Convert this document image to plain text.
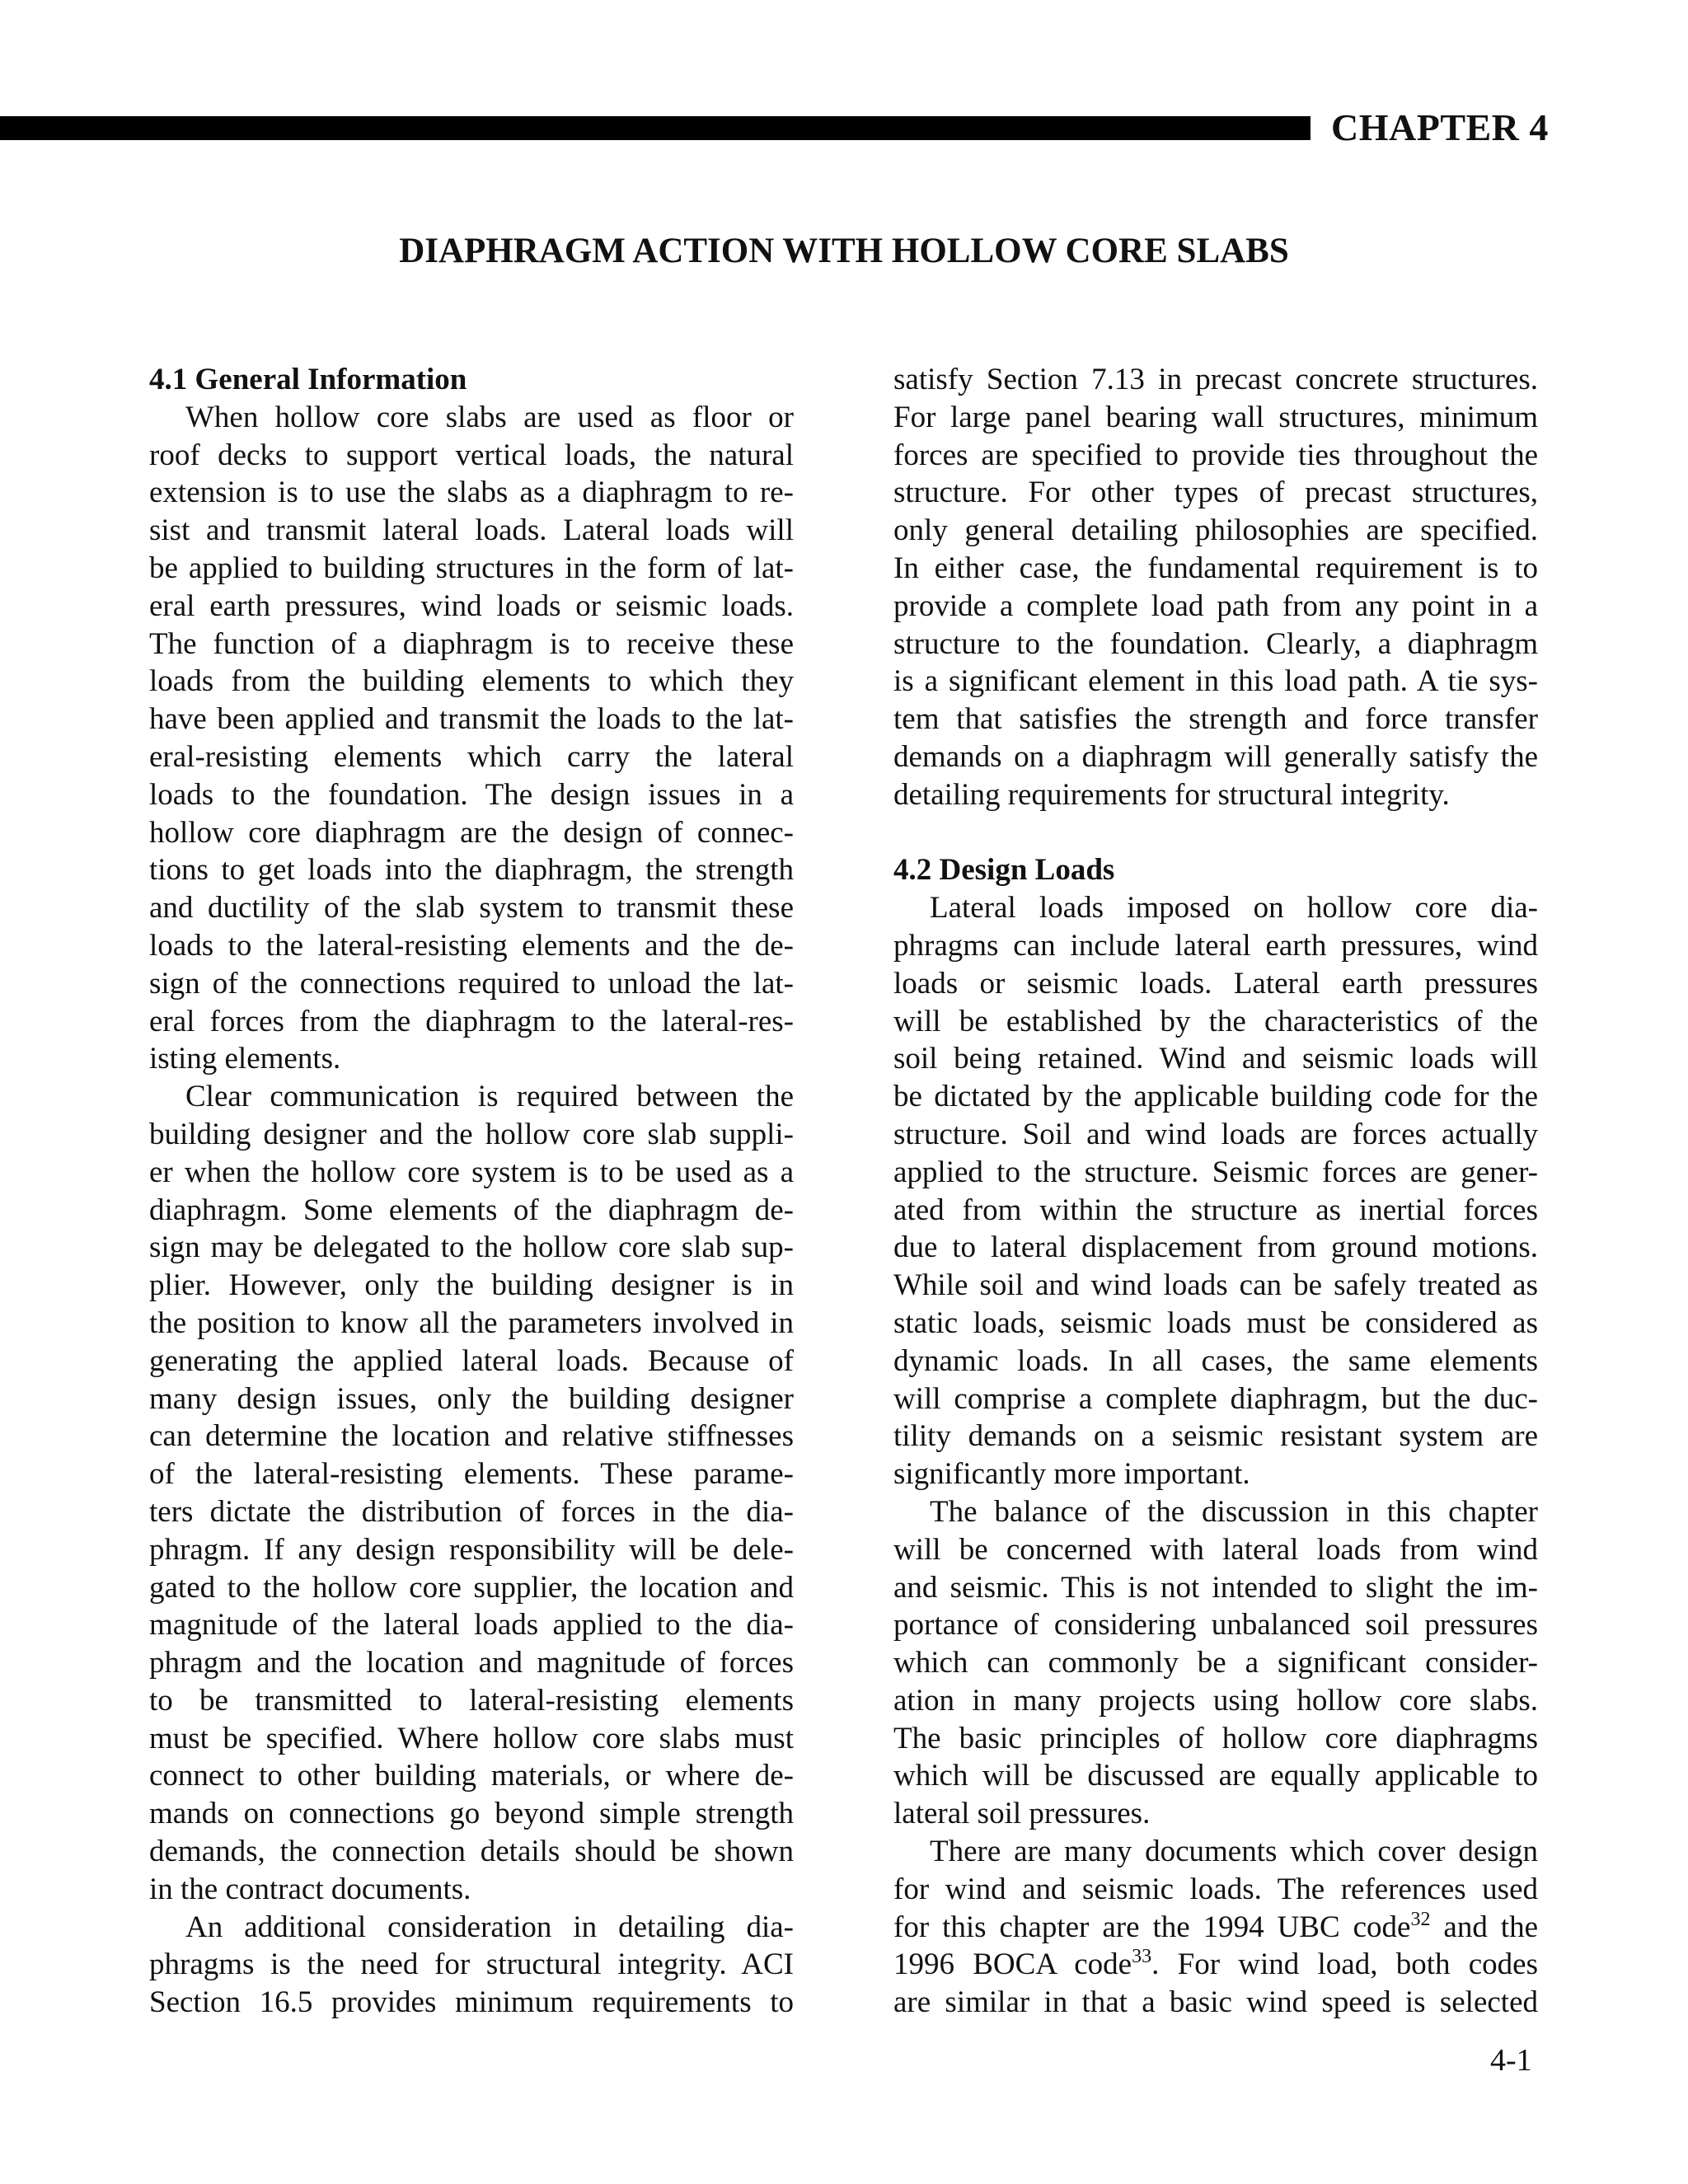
CHAPTER 4
DIAPHRAGM ACTION WITH HOLLOW CORE SLABS
4.1 General Information
When hollow core slabs are used as floor or
roof decks to support vertical loads, the natural
extension is to use the slabs as a diaphragm to re-
sist and transmit lateral loads. Lateral loads will
be applied to building structures in the form of lat-
eral earth pressures, wind loads or seismic loads.
The function of a diaphragm is to receive these
loads from the building elements to which they
have been applied and transmit the loads to the lat-
eral-resisting elements which carry the lateral
loads to the foundation. The design issues in a
hollow core diaphragm are the design of connec-
tions to get loads into the diaphragm, the strength
and ductility of the slab system to transmit these
loads to the lateral-resisting elements and the de-
sign of the connections required to unload the lat-
eral forces from the diaphragm to the lateral-res-
isting elements.
Clear communication is required between the
building designer and the hollow core slab suppli-
er when the hollow core system is to be used as a
diaphragm. Some elements of the diaphragm de-
sign may be delegated to the hollow core slab sup-
plier. However, only the building designer is in
the position to know all the parameters involved in
generating the applied lateral loads. Because of
many design issues, only the building designer
can determine the location and relative stiffnesses
of the lateral-resisting elements. These parame-
ters dictate the distribution of forces in the dia-
phragm. If any design responsibility will be dele-
gated to the hollow core supplier, the location and
magnitude of the lateral loads applied to the dia-
phragm and the location and magnitude of forces
to be transmitted to lateral-resisting elements
must be specified. Where hollow core slabs must
connect to other building materials, or where de-
mands on connections go beyond simple strength
demands, the connection details should be shown
in the contract documents.
An additional consideration in detailing dia-
phragms is the need for structural integrity. ACI
Section 16.5 provides minimum requirements to
satisfy Section 7.13 in precast concrete structures.
For large panel bearing wall structures, minimum
forces are specified to provide ties throughout the
structure. For other types of precast structures,
only general detailing philosophies are specified.
In either case, the fundamental requirement is to
provide a complete load path from any point in a
structure to the foundation. Clearly, a diaphragm
is a significant element in this load path. A tie sys-
tem that satisfies the strength and force transfer
demands on a diaphragm will generally satisfy the
detailing requirements for structural integrity.
4.2 Design Loads
Lateral loads imposed on hollow core dia-
phragms can include lateral earth pressures, wind
loads or seismic loads. Lateral earth pressures
will be established by the characteristics of the
soil being retained. Wind and seismic loads will
be dictated by the applicable building code for the
structure. Soil and wind loads are forces actually
applied to the structure. Seismic forces are gener-
ated from within the structure as inertial forces
due to lateral displacement from ground motions.
While soil and wind loads can be safely treated as
static loads, seismic loads must be considered as
dynamic loads. In all cases, the same elements
will comprise a complete diaphragm, but the duc-
tility demands on a seismic resistant system are
significantly more important.
The balance of the discussion in this chapter
will be concerned with lateral loads from wind
and seismic. This is not intended to slight the im-
portance of considering unbalanced soil pressures
which can commonly be a significant consider-
ation in many projects using hollow core slabs.
The basic principles of hollow core diaphragms
which will be discussed are equally applicable to
lateral soil pressures.
There are many documents which cover design
for wind and seismic loads. The references used
for this chapter are the 1994 UBC code$^{32}$ and the
1996 BOCA code$^{33}$. For wind load, both codes
are similar in that a basic wind speed is selected
4-1
